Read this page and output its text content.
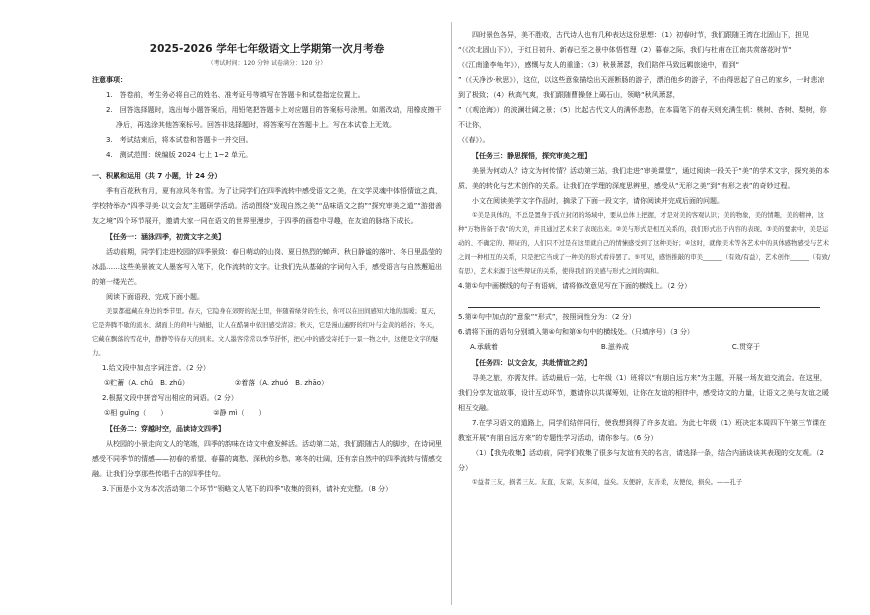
2025-2026 学年七年级语文上学期第一次月考卷
（考试时间：120 分钟 试卷满分：120 分）

注意事项：

1.　答卷前，考生务必将自己的姓名、准考证号等填写在答题卡和试卷指定位置上。

2.　回答选择题时，选出每小题答案后，用铅笔把答题卡上对应题目的答案标号涂黑。如需改动，用橡皮擦干净后，再选涂其他答案标号。回答非选择题时，将答案写在答题卡上。写在本试卷上无效。

3.　考试结束后，将本试卷和答题卡一并交回。

4.　测试范围：统编版 2024 七上 1~2 单元。

一、积累和运用（共 7 小题，计 24 分）

季有百花秋有月，夏有凉风冬有雪。为了让同学们在四季流转中感受语文之美，在文学灵魂中体悟情谊之真，学校特举办“四季寻美·以文会友”主题研学活动。活动围绕“发现自然之美”“品味语文之韵”“探究审美之道”“游猎善友之境”四个环节展开，邀请大家一同在语文的世界里漫步，于四季的画卷中寻趣，在友谊的脉络下成长。

【任务一：涵泳四季，初赏文字之美】

活动前期，同学们走进校园的四季景致：春日萌动的山岗、夏日热烈的蝉声、秋日静谧的落叶、冬日里晶莹的冰晶……这些美景被文人墨客写入笔下，化作流转的文字。让我们先从基础的字词句入手，感受语言与自然邂逅出的第一缕光芒。

阅读下面语段，完成下面小题。

美景都蕴藏在身边的季节里。春天，它隐身在郊野的泥土里，伴随着绿芽的生长，你可以在田间感知大地的温暖；夏天，它是奔腾不歇的流水、湖面上的荷叶与蜻蜓，让人在酷暑中依旧感受清凉；秋天，它是漫山遍野的红叶与金黄的稻谷；冬天，它藏在飘落的雪花中，静静等待春天的到来。文人墨客常常以季节抒怀，把心中的感受寄托于一景一物之中，这便是文字的魅力。

1.给文段中加点字词注音。（2 分）

①贮蓄（A. chǔ　B. zhǔ）	②着落（A. zhuó　B. zhāo）

2.根据文段中拼音写出相应的词语。（2 分）

①相 guǐng（　　）	②静 mì（　　）

【任务二：穿越时空，品读诗文四季】

从校园的小景走向文人的笔端，四季的韵味在诗文中愈发鲜活。活动第二站，我们跟随古人的脚步，在诗词里感受不同季节的情感——初春的希望、春暮的离愁、深秋的乡愁、寒冬的壮阔，还有亲自然中的四季流转与情感交融。让我们分享那些传唱千古的四季佳句。

3.下面是小文为本次活动第二个环节“领略文人笔下的四季”收集的资料，请补充完整。（8 分）

四时景色各异，美不胜收，古代诗人也有几种表达这份思想：（1）初春时节，我们跟随王湾在北固山下，担见

“（《次北固山下》），于红日初升、新春已至之景中体悟哲理（2）暮春之际，我们与杜甫在江南共赏落花时节“

（《江南逢李龟年》），感慨与友人的重逢；（3）秋景萧瑟，我们陪伴马致远羁旅途中，看到“

”（《天净沙·秋思》），这位，以这些意象描绘出天涯断肠的游子，漂泊他乡的游子，不由得思起了自己的家乡，一时悲凉到了极致；（4）秋高气爽，我们跟随曹操登上碣石山，领略“秋风萧瑟，

”（《观沧海》）的波澜壮阔之景；（5）比起古代文人的满怀悲愁，在本篇笔下的春天则充满生机：桃树、杏树、梨树，你不让你，

（《春》）。

【任务三：静思探悟，探究审美之理】

美景为何动人？诗文为何传情？活动第三站，我们走进“审美课堂”，通过阅读一段关于“美”的学术文字，探究美的本质、美的转化与艺术创作的关系。让我们在学理的深度思辨里，感受从“无形之美”到“有形之表”的奇妙过程。

小文在阅读美学文字作品时，摘录了下面一段文字，请你阅读并完成后面的问题。

①美是具体的，不总是置身于孤立封闭的场域中，要从总体上把握，才是对美的客观认识；美的物象，美的情趣，美的精神，这种“万物皆备于我”的大美，并且通过艺术来了表现出来。②美与形式是相互关系的，我们形式出于内容的表现。③美的要素中，美是运动的、不确定的、辩证的，人们只不过是在这里就自己的情愫感受到了这种美好；④这时，就像美术等各艺术中的具体感物感受与艺术之间一种相互的关系，只是把它当成了一种美的形式看待罢了。⑤可见，感悟推敲的审美______（有效/有益），艺术创作______（有致/有思），艺术来源于这些辩证的关系，使得我们的美感与形式之间的调和。

4.第①句中画横线的句子有语病，请将修改意见写在下面的横线上。（2 分）

5.第②句中加点的“意象”“形式”，按照词性分为：（2 分）

6.请将下面的语句分别填入第④句和第⑤句中的横线处。（只填序号）（3 分）

A.承载着	B.滋养成	C.贯穿于

【任务四：以文会友，共赴情谊之约】

寻美之旅，亦需友伴。活动最后一站，七年级（1）班将以“有朋自远方来”为主题，开展一场友谊交流会。在这里，我们分享友谊故事，设计互动环节，邀请你以共谋筹划，让你在友谊的相伴中，感受诗文的力量，让语文之美与友谊之暖相互交融。

7.在学习语文的道路上，同学们结伴同行，使我想到得了许多友谊。为此七年级（1）班决定本周四下午第三节课在教室开展“有朋自远方来”的专题性学习活动，请你参与。（6 分）

（1）【我先收集】活动前，同学们收集了很多与友谊有关的名言，请选择一条，结合内涵谈谈其表现的交友观。（2 分）

①益者三友，损者三友。友直，友谅，友多闻，益矣。友便辟，友善柔，友便佞，损矣。——孔子
